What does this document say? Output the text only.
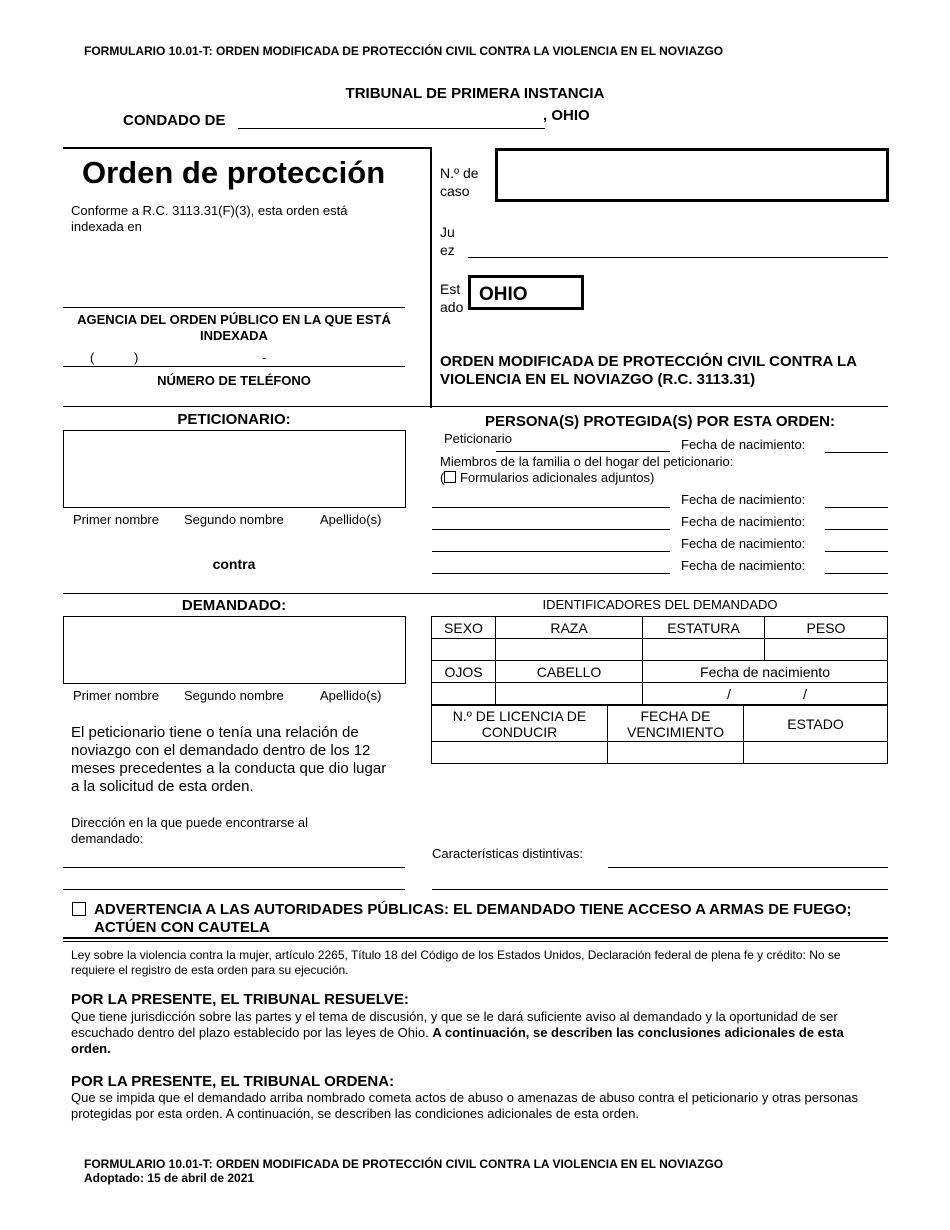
FORMULARIO 10.01-T: ORDEN MODIFICADA DE PROTECCIÓN CIVIL CONTRA LA VIOLENCIA EN EL NOVIAZGO
TRIBUNAL DE PRIMERA INSTANCIA
CONDADO DE	, OHIO
Orden de protección
Conforme a R.C. 3113.31(F)(3), esta orden está indexada en
AGENCIA DEL ORDEN PÚBLICO EN LA QUE ESTÁ INDEXADA
(	)	-
NÚMERO DE TELÉFONO
N.º de caso
Juez
Estado
OHIO
ORDEN MODIFICADA DE PROTECCIÓN CIVIL CONTRA LA VIOLENCIA EN EL NOVIAZGO (R.C. 3113.31)
PETICIONARIO:
Primer nombre Segundo nombre	Apellido(s)
contra
PERSONA(S) PROTEGIDA(S) POR ESTA ORDEN:
Peticionario	Fecha de nacimiento:
Miembros de la familia o del hogar del peticionario:
( Formularios adicionales adjuntos)
Fecha de nacimiento:
Fecha de nacimiento:
Fecha de nacimiento:
Fecha de nacimiento:
DEMANDADO:
Primer nombre Segundo nombre	Apellido(s)
El peticionario tiene o tenía una relación de noviazgo con el demandado dentro de los 12 meses precedentes a la conducta que dio lugar a la solicitud de esta orden.
Dirección en la que puede encontrarse al demandado:
IDENTIFICADORES DEL DEMANDADO
SEXO	RAZA	ESTATURA	PESO

OJOS	CABELLO	Fecha de nacimiento	

		/ /	
N.º DE LICENCIA DE CONDUCIR	FECHA DE VENCIMIENTO	ESTADO

Características distintivas:
ADVERTENCIA A LAS AUTORIDADES PÚBLICAS: EL DEMANDADO TIENE ACCESO A ARMAS DE FUEGO; ACTÚEN CON CAUTELA
Ley sobre la violencia contra la mujer, artículo 2265, Título 18 del Código de los Estados Unidos, Declaración federal de plena fe y crédito: No se requiere el registro de esta orden para su ejecución.
POR LA PRESENTE, EL TRIBUNAL RESUELVE:
Que tiene jurisdicción sobre las partes y el tema de discusión, y que se le dará suficiente aviso al demandado y la oportunidad de ser escuchado dentro del plazo establecido por las leyes de Ohio. A continuación, se describen las conclusiones adicionales de esta orden.
POR LA PRESENTE, EL TRIBUNAL ORDENA:
Que se impida que el demandado arriba nombrado cometa actos de abuso o amenazas de abuso contra el peticionario y otras personas protegidas por esta orden. A continuación, se describen las condiciones adicionales de esta orden.
FORMULARIO 10.01-T: ORDEN MODIFICADA DE PROTECCIÓN CIVIL CONTRA LA VIOLENCIA EN EL NOVIAZGO
Adoptado: 15 de abril de 2021
